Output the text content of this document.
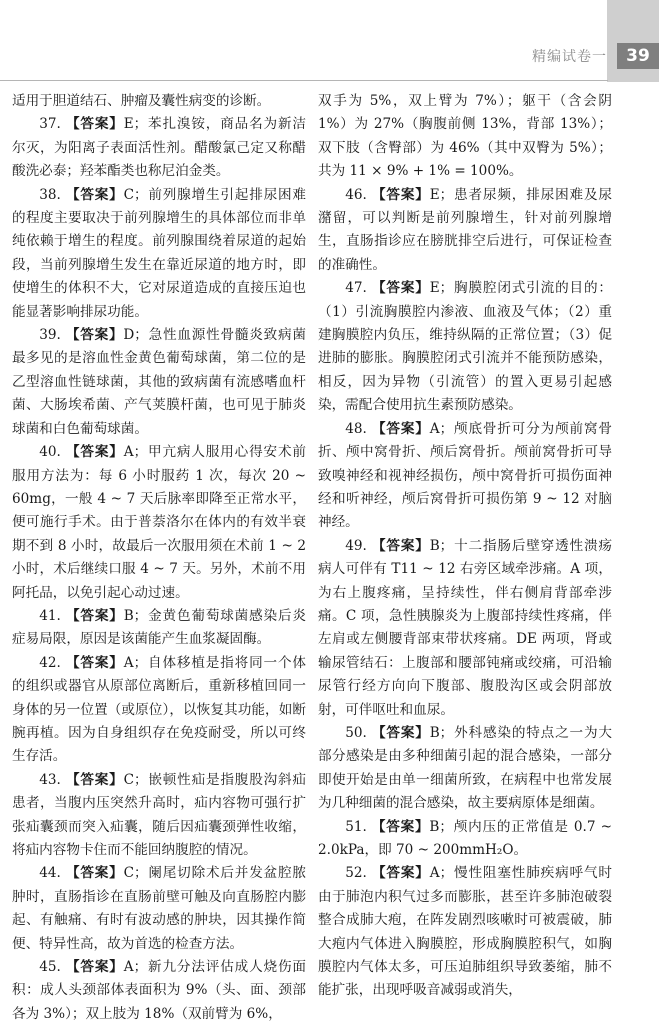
精编试卷一	39

适用于胆道结石、肿瘤及囊性病变的诊断。

37. 【答案】E；苯扎溴铵，商品名为新洁尔灭，为阳离子表面活性剂。醋酸氯己定又称醋酸洗必泰；羟苯酯类也称尼泊金类。

38. 【答案】C；前列腺增生引起排尿困难的程度主要取决于前列腺增生的具体部位而非单纯依赖于增生的程度。前列腺围绕着尿道的起始段，当前列腺增生发生在靠近尿道的地方时，即使增生的体积不大，它对尿道造成的直接压迫也能显著影响排尿功能。

39. 【答案】D；急性血源性骨髓炎致病菌最多见的是溶血性金黄色葡萄球菌，第二位的是乙型溶血性链球菌，其他的致病菌有流感嗜血杆菌、大肠埃希菌、产气荚膜杆菌，也可见于肺炎球菌和白色葡萄球菌。

40. 【答案】A；甲亢病人服用心得安术前服用方法为：每 6 小时服药 1 次，每次 20 ~ 60mg，一般 4 ~ 7 天后脉率即降至正常水平，便可施行手术。由于普萘洛尔在体内的有效半衰期不到 8 小时，故最后一次服用须在术前 1 ~ 2 小时，术后继续口服 4 ~ 7 天。另外，术前不用阿托品，以免引起心动过速。

41. 【答案】B；金黄色葡萄球菌感染后炎症易局限，原因是该菌能产生血浆凝固酶。

42. 【答案】A；自体移植是指将同一个体的组织或器官从原部位离断后，重新移植回同一身体的另一位置（或原位），以恢复其功能，如断腕再植。因为自身组织存在免疫耐受，所以可终生存活。

43. 【答案】C；嵌顿性疝是指腹股沟斜疝患者，当腹内压突然升高时，疝内容物可强行扩张疝囊颈而突入疝囊，随后因疝囊颈弹性收缩，将疝内容物卡住而不能回纳腹腔的情况。

44. 【答案】C；阑尾切除术后并发盆腔脓肿时，直肠指诊在直肠前壁可触及向直肠腔内膨起、有触痛、有时有波动感的肿块，因其操作简便、特异性高，故为首选的检查方法。

45. 【答案】A；新九分法评估成人烧伤面积：成人头颈部体表面积为 9%（头、面、颈部各为 3%）；双上肢为 18%（双前臂为 6%，

双手为 5%，双上臂为 7%）；躯干（含会阴 1%）为 27%（胸腹前侧 13%，背部 13%）；双下肢（含臀部）为 46%（其中双臀为 5%）；共为 11 × 9% + 1% = 100%。

46. 【答案】E；患者尿频，排尿困难及尿潴留，可以判断是前列腺增生，针对前列腺增生，直肠指诊应在膀胱排空后进行，可保证检查的准确性。

47. 【答案】E；胸膜腔闭式引流的目的：（1）引流胸膜腔内渗液、血液及气体；（2）重建胸膜腔内负压，维持纵隔的正常位置；（3）促进肺的膨胀。胸膜腔闭式引流并不能预防感染，相反，因为异物（引流管）的置入更易引起感染，需配合使用抗生素预防感染。

48. 【答案】A；颅底骨折可分为颅前窝骨折、颅中窝骨折、颅后窝骨折。颅前窝骨折可导致嗅神经和视神经损伤，颅中窝骨折可损伤面神经和听神经，颅后窝骨折可损伤第 9 ~ 12 对脑神经。

49. 【答案】B；十二指肠后壁穿透性溃疡病人可伴有 T11 ~ 12 右旁区域牵涉痛。A 项，为右上腹疼痛，呈持续性，伴右侧肩背部牵涉痛。C 项，急性胰腺炎为上腹部持续性疼痛，伴左肩或左侧腰背部束带状疼痛。DE 两项，肾或输尿管结石：上腹部和腰部钝痛或绞痛，可沿输尿管行经方向向下腹部、腹股沟区或会阴部放射，可伴呕吐和血尿。

50. 【答案】B；外科感染的特点之一为大部分感染是由多种细菌引起的混合感染，一部分即使开始是由单一细菌所致，在病程中也常发展为几种细菌的混合感染，故主要病原体是细菌。

51. 【答案】B；颅内压的正常值是 0.7 ~ 2.0kPa，即 70 ~ 200mmH₂O。

52. 【答案】A；慢性阻塞性肺疾病呼气时由于肺泡内积气过多而膨胀，甚至许多肺泡破裂整合成肺大疱，在阵发剧烈咳嗽时可被震破，肺大疱内气体进入胸膜腔，形成胸膜腔积气，如胸膜腔内气体太多，可压迫肺组织导致萎缩，肺不能扩张，出现呼吸音减弱或消失，
